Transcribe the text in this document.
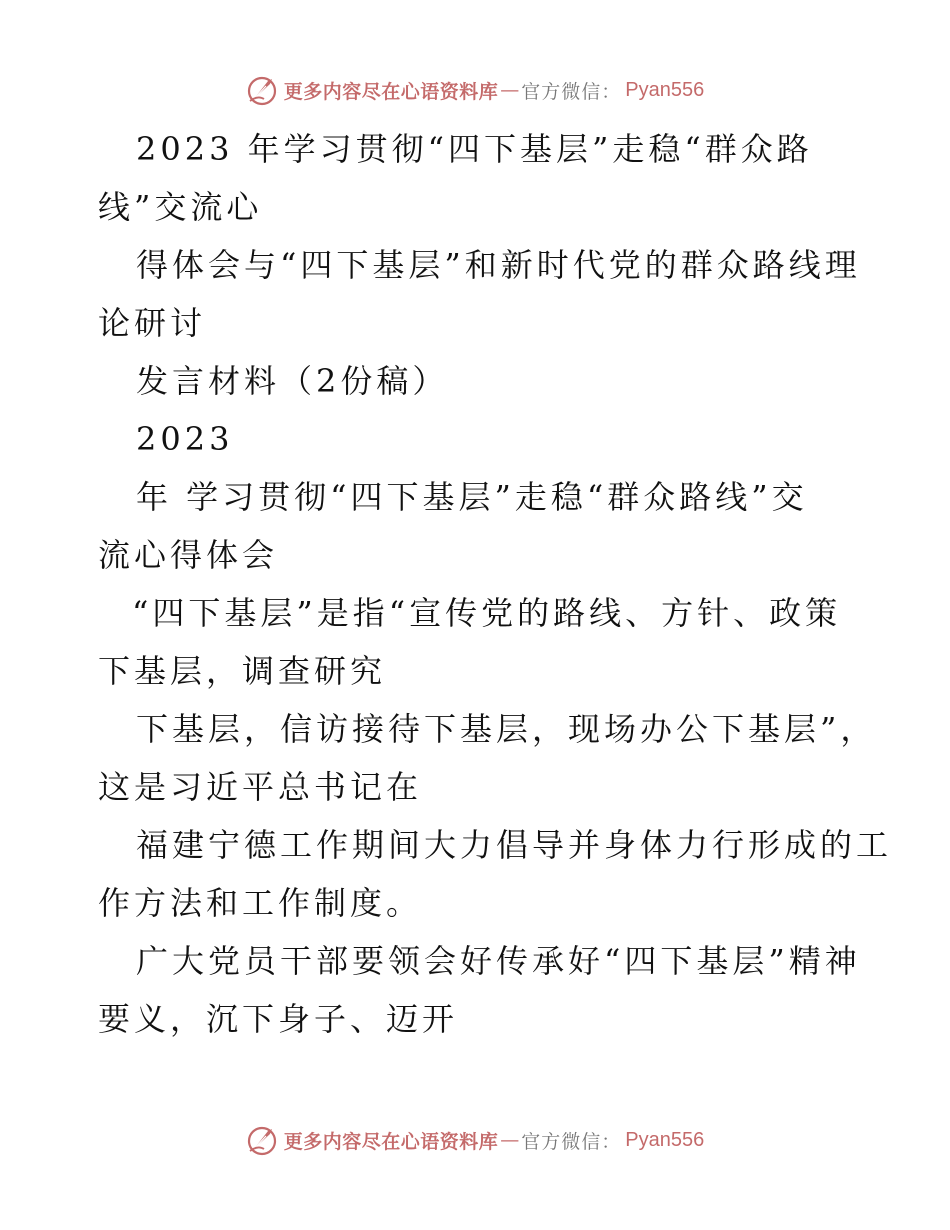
更多内容尽在心语资料库 — 官方微信： Pyan556
2023 年学习贯彻“四下基层”走稳“群众路
线”交流心
得体会与“四下基层”和新时代党的群众路线理
论研讨
发言材料（2份稿）
2023
年 学习贯彻“四下基层”走稳“群众路线”交
流心得体会
“四下基层”是指“宣传党的路线、方针、政策
下基层，调查研究
下基层，信访接待下基层，现场办公下基层”，
这是习近平总书记在
福建宁德工作期间大力倡导并身体力行形成的工
作方法和工作制度。
广大党员干部要领会好传承好“四下基层”精神
要义，沉下身子、迈开
更多内容尽在心语资料库 — 官方微信： Pyan556
